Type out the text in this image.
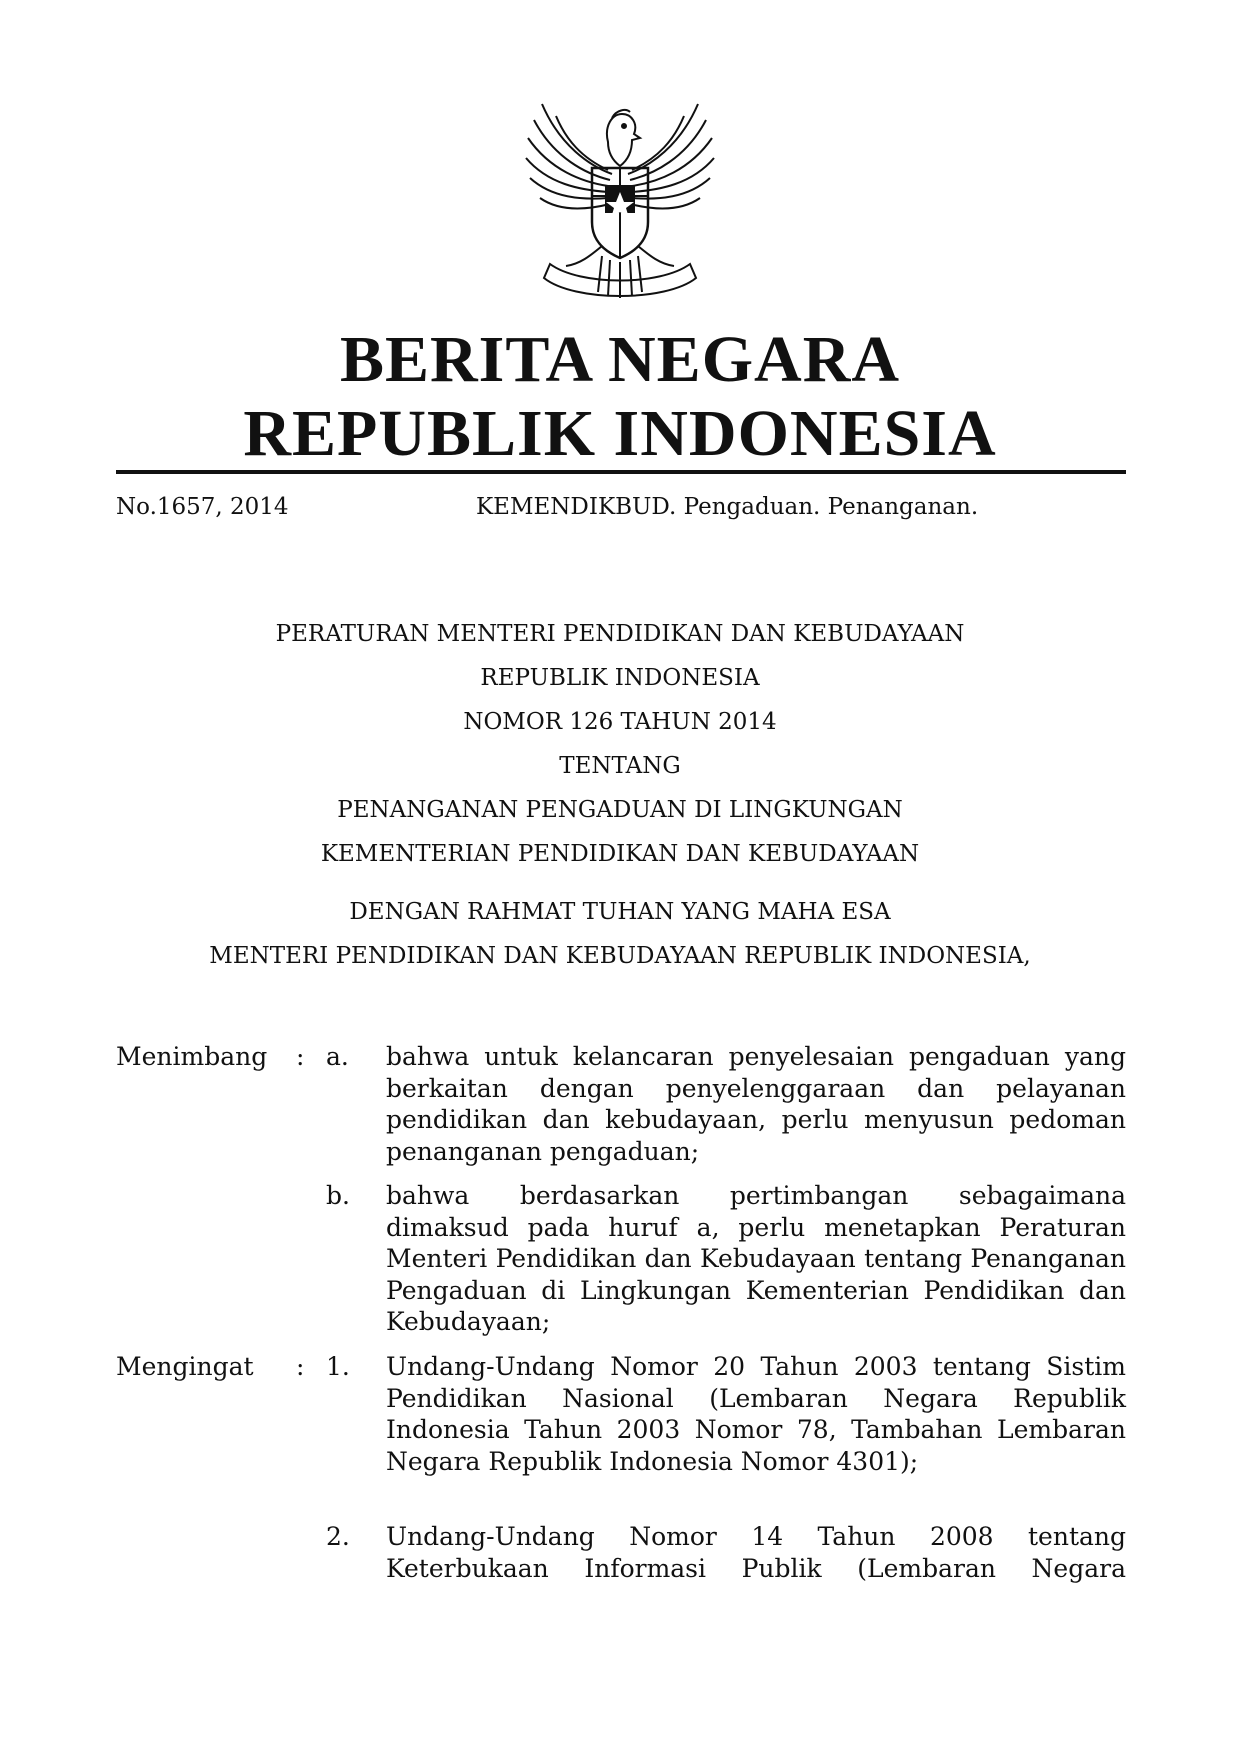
BERITA NEGARA
REPUBLIK INDONESIA
No.1657, 2014	KEMENDIKBUD. Pengaduan. Penanganan.
PERATURAN MENTERI PENDIDIKAN DAN KEBUDAYAAN
REPUBLIK INDONESIA
NOMOR 126 TAHUN 2014
TENTANG
PENANGANAN PENGADUAN DI LINGKUNGAN
KEMENTERIAN PENDIDIKAN DAN KEBUDAYAAN
DENGAN RAHMAT TUHAN YANG MAHA ESA
MENTERI PENDIDIKAN DAN KEBUDAYAAN REPUBLIK INDONESIA,
Menimbang : a. bahwa untuk kelancaran penyelesaian pengaduan yang berkaitan dengan penyelenggaraan dan pelayanan pendidikan dan kebudayaan, perlu menyusun pedoman penanganan pengaduan;
b. bahwa berdasarkan pertimbangan sebagaimana dimaksud pada huruf a, perlu menetapkan Peraturan Menteri Pendidikan dan Kebudayaan tentang Penanganan Pengaduan di Lingkungan Kementerian Pendidikan dan Kebudayaan;
Mengingat : 1. Undang-Undang Nomor 20 Tahun 2003 tentang Sistim Pendidikan Nasional (Lembaran Negara Republik Indonesia Tahun 2003 Nomor 78, Tambahan Lembaran Negara Republik Indonesia Nomor 4301);
2. Undang-Undang Nomor 14 Tahun 2008 tentang Keterbukaan Informasi Publik (Lembaran Negara
